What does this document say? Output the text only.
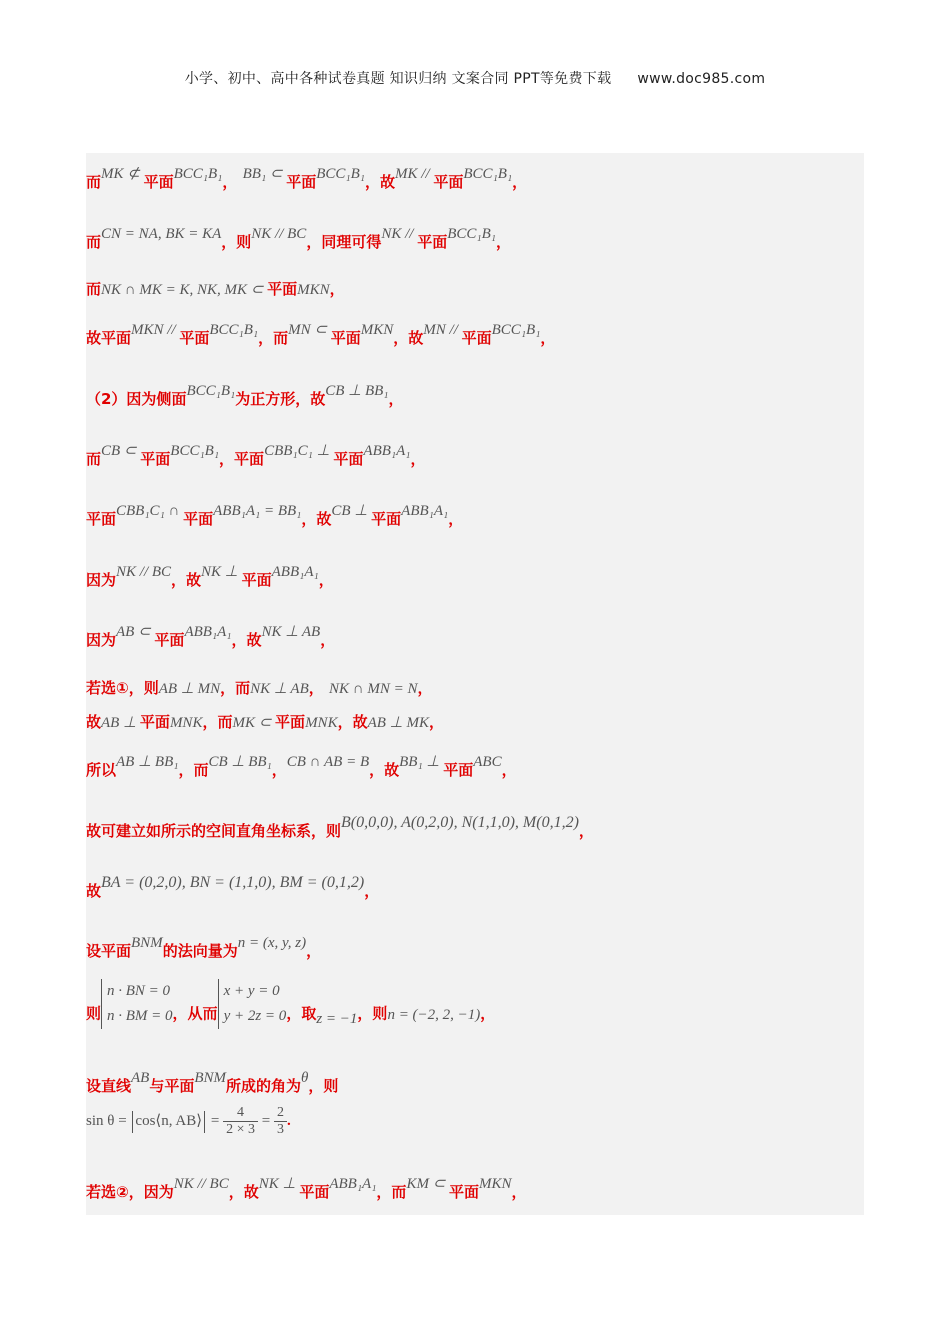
小学、初中、高中各种试卷真题 知识归纳 文案合同 PPT等免费下载 www.doc985.com
而MK ⊄ 平面BCC₁B₁， BB₁ ⊂ 平面BCC₁B₁，故MK // 平面BCC₁B₁，
而CN = NA, BK = KA，则NK // BC，同理可得NK // 平面BCC₁B₁，
而NK ∩ MK = K, NK, MK ⊂ 平面MKN，
故平面MKN // 平面BCC₁B₁，而MN ⊂ 平面MKN，故MN // 平面BCC₁B₁，
（2）因为侧面BCC₁B₁为正方形，故CB ⊥ BB₁，
而CB ⊂ 平面BCC₁B₁，平面CBB₁C₁ ⊥ 平面ABB₁A₁，
平面CBB₁C₁ ∩ 平面ABB₁A₁ = BB₁，故CB ⊥ 平面ABB₁A₁，
因为NK // BC，故NK ⊥ 平面ABB₁A₁，
因为AB ⊂ 平面ABB₁A₁，故NK ⊥ AB，
若选①，则AB ⊥ MN，而NK ⊥ AB， NK ∩ MN = N，
故AB ⊥ 平面MNK，而MK ⊂ 平面MNK，故AB ⊥ MK，
所以AB ⊥ BB₁，而CB ⊥ BB₁，CB ∩ AB = B，故BB₁ ⊥ 平面ABC，
故可建立如所示的空间直角坐标系，则B(0,0,0), A(0,2,0), N(1,1,0), M(0,1,2)，
故BA = (0,2,0), BN = (1,1,0), BM = (0,1,2)，
设平面BNM的法向量为n = (x, y, z)，
则
n · BN = 0
n · BM = 0 ，从而
x + y = 0
y + 2z = 0 ，取z = −1，则n = (−2, 2, −1)，
设直线AB与平面BNM所成的角为θ，则
sin θ = cos⟨n, AB⟩ = $\frac{4}{2 \times 3} = \frac{2}{3}$ .
若选②，因为NK // BC，故NK ⊥ 平面ABB₁A₁，而KM ⊂ 平面MKN，
